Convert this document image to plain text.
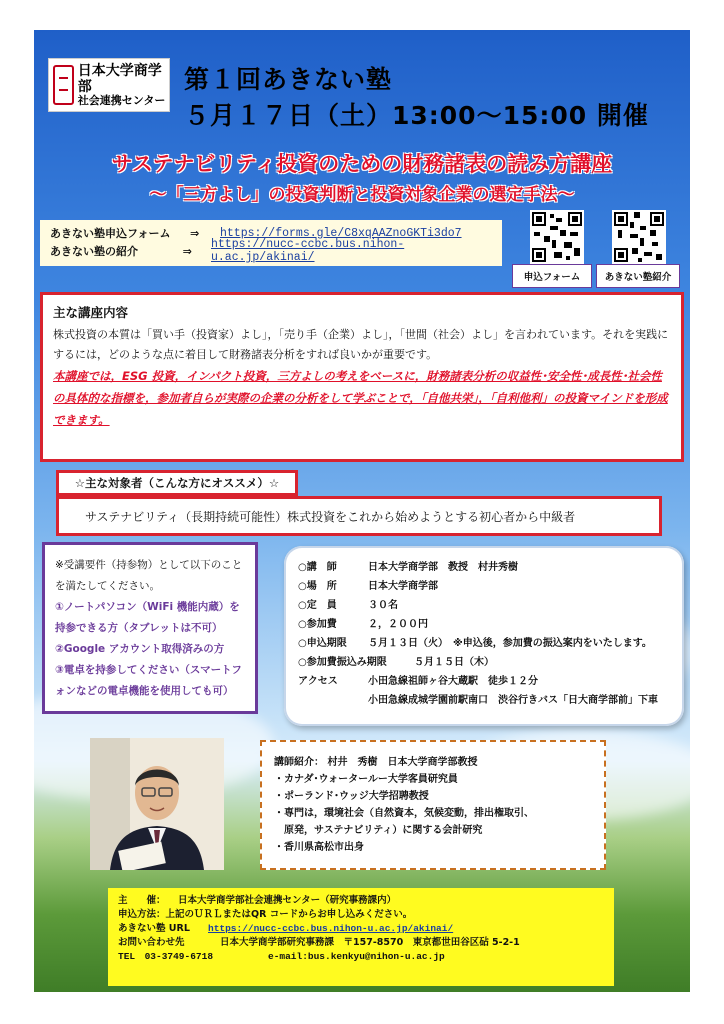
日本大学商学部
社会連携センター
第１回あきない塾
５月１７日（土）13:00～15:00 開催
サステナビリティ投資のための財務諸表の読み方講座
～「三方よし」の投資判断と投資対象企業の選定手法～
あきない塾申込フォーム	⇒	https://forms.gle/C8xqAAZnoGKTi3do7
あきない塾の紹介	⇒	https://nucc-ccbc.bus.nihon-u.ac.jp/akinai/
申込フォーム	あきない塾紹介
主な講座内容
株式投資の本質は「買い手（投資家）よし」，「売り手（企業）よし」，「世間（社会）よし」を言われています。それを実践にするには，どのような点に着目して財務諸表分析をすれば良いかが重要です。
本講座では，ESG 投資，インパクト投資，三方よしの考えをベースに，財務諸表分析の収益性･安全性･成長性･社会性の具体的な指標を，参加者自らが実際の企業の分析をして学ぶことで，「自他共栄」，「自利他利」の投資マインドを形成できます。
☆主な対象者（こんな方にオススメ）☆
サステナビリティ（長期持続可能性）株式投資をこれから始めようとする初心者から中級者
※受講要件（持参物）として以下のことを満たしてください。
①ノートパソコン（WiFi 機能内蔵）を持参できる方（タブレットは不可）
②Google アカウント取得済みの方
③電卓を持参してください（スマートフォンなどの電卓機能を使用しても可）
○講　師	日本大学商学部　教授　村井秀樹
○場　所	日本大学商学部
○定　員	３０名
○参加費	２，２００円
○申込期限	５月１３日（火）　※申込後，参加費の振込案内をいたします。
○参加費振込み期限	５月１５日（木）
アクセス	小田急線祖師ヶ谷大蔵駅　徒歩１２分
小田急線成城学園前駅南口　渋谷行きバス「日大商学部前」下車
講師紹介： 村井　秀樹　日本大学商学部教授
・カナダ･ウォータールー大学客員研究員
・ポーランド･ウッジ大学招聘教授
・専門は，環境社会（自然資本，気候変動，排出権取引、
　原発，サステナビリティ）に関する会計研究
・香川県高松市出身
主　　催：	日本大学商学部社会連携センター（研究事務課内）
申込方法：上記のＵＲＬまたはQR コードからお申し込みください。
あきない塾 URL	https://nucc-ccbc.bus.nihon-u.ac.jp/akinai/
お問い合わせ先	日本大学商学部研究事務課　〒157-8570　東京都世田谷区砧 5-2-1
TEL　03-3749-6718	e-mail:bus.kenkyu@nihon-u.ac.jp
